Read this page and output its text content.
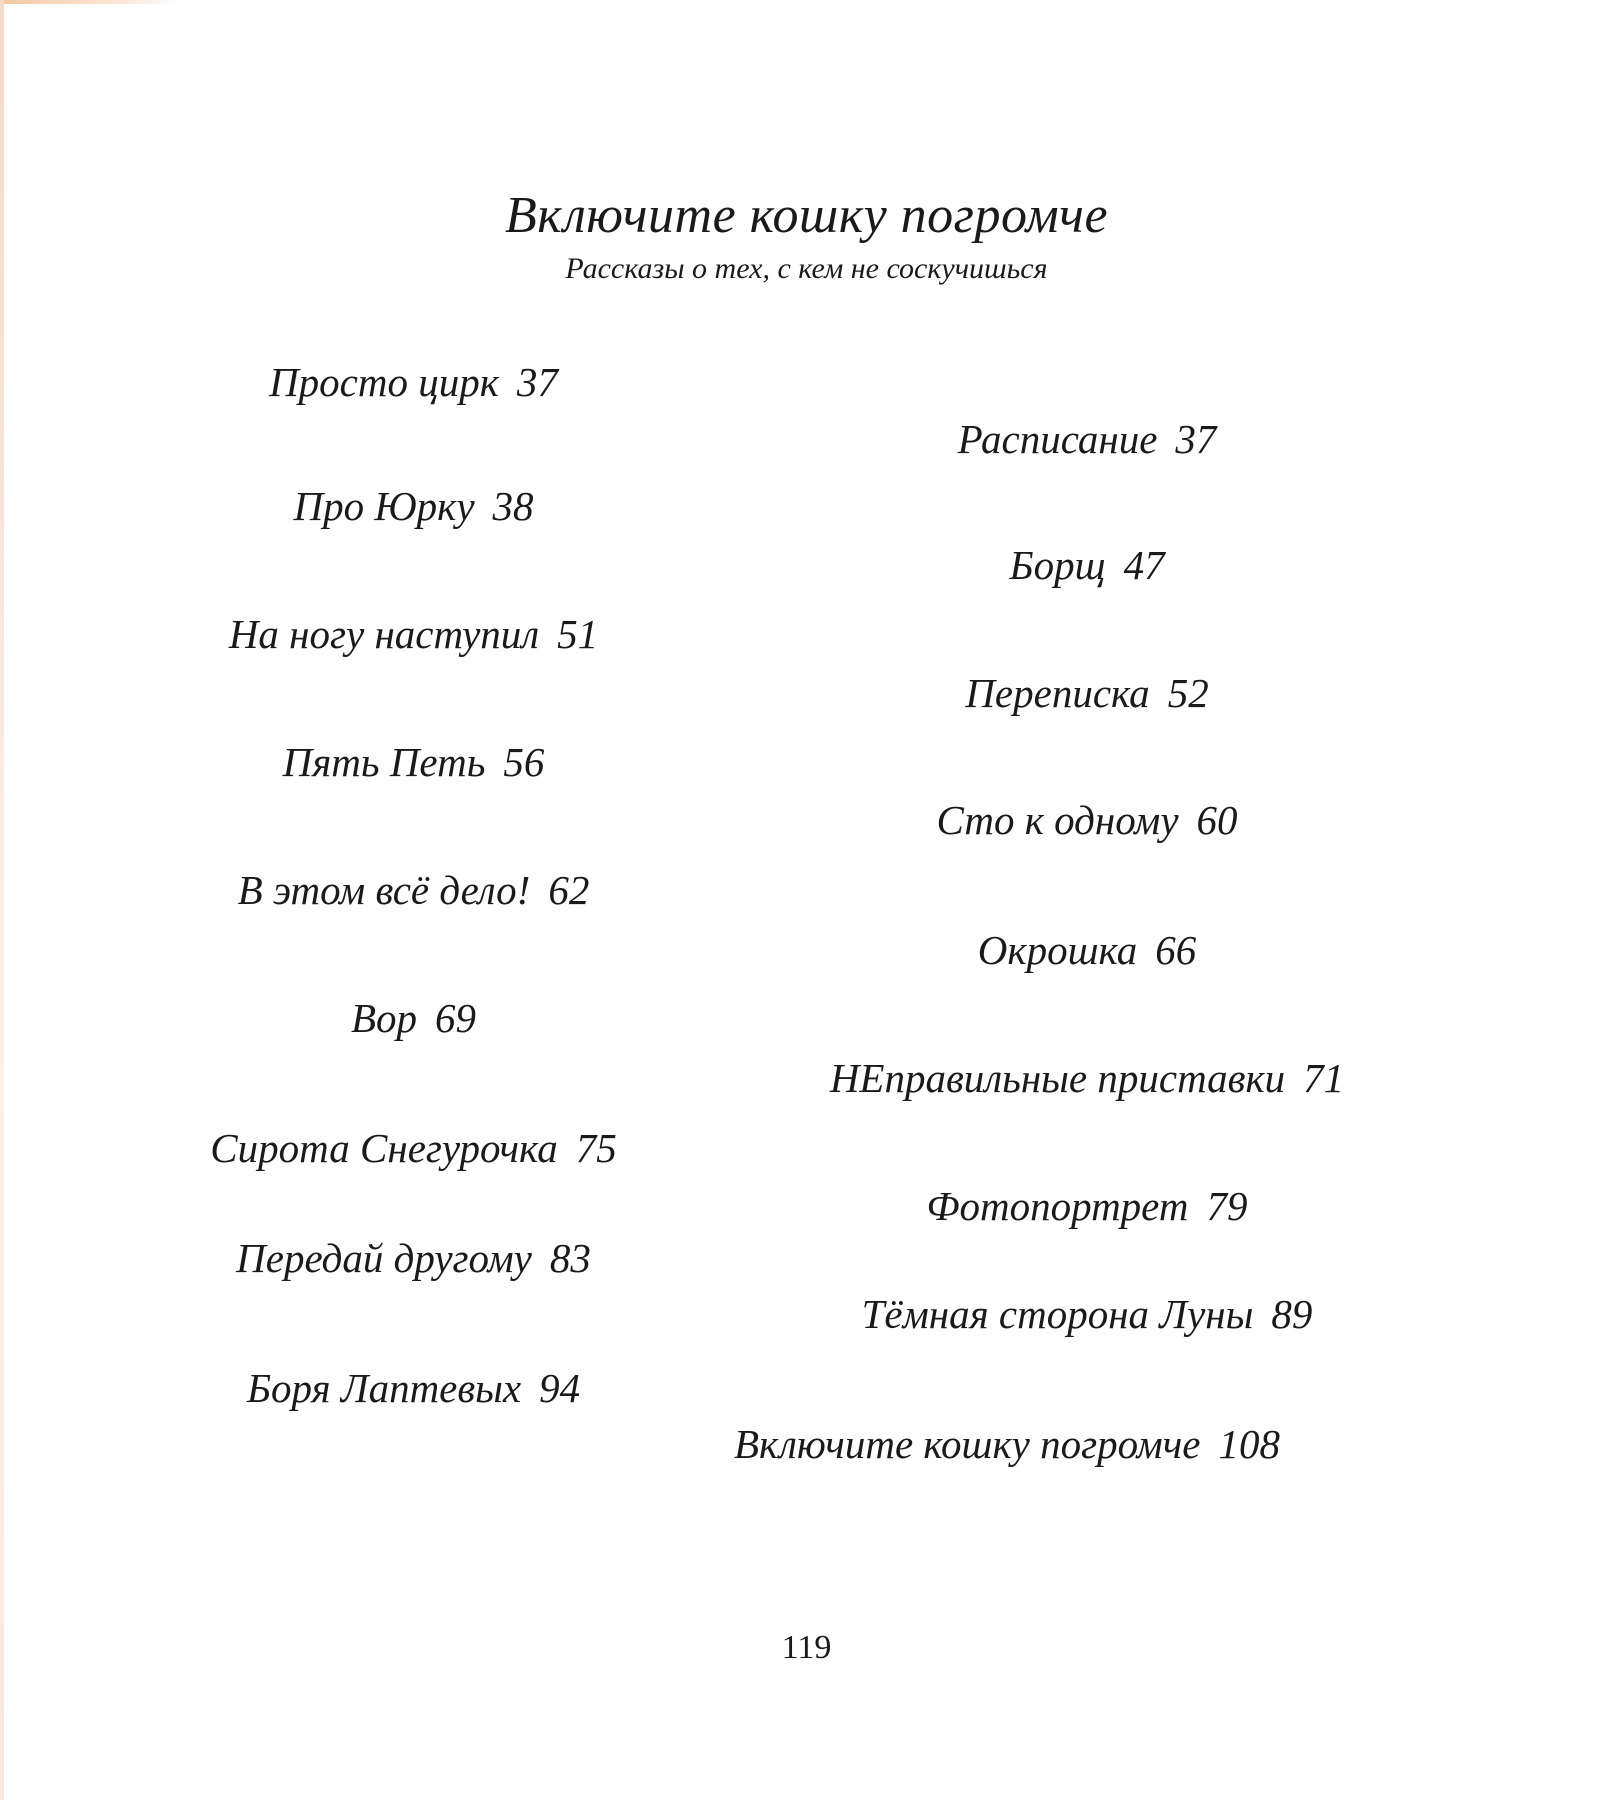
Включите кошку погромче
Рассказы о тех, с кем не соскучишься
Просто цирк 37
Про Юрку 38
На ногу наступил 51
Пять Петь 56
В этом всё дело! 62
Вор 69
Сирота Снегурочка 75
Передай другому 83
Боря Лаптевых 94
Расписание 37
Борщ 47
Переписка 52
Сто к одному 60
Окрошка 66
НЕправильные приставки 71
Фотопортрет 79
Тёмная сторона Луны 89
Включите кошку погромче 108
119
